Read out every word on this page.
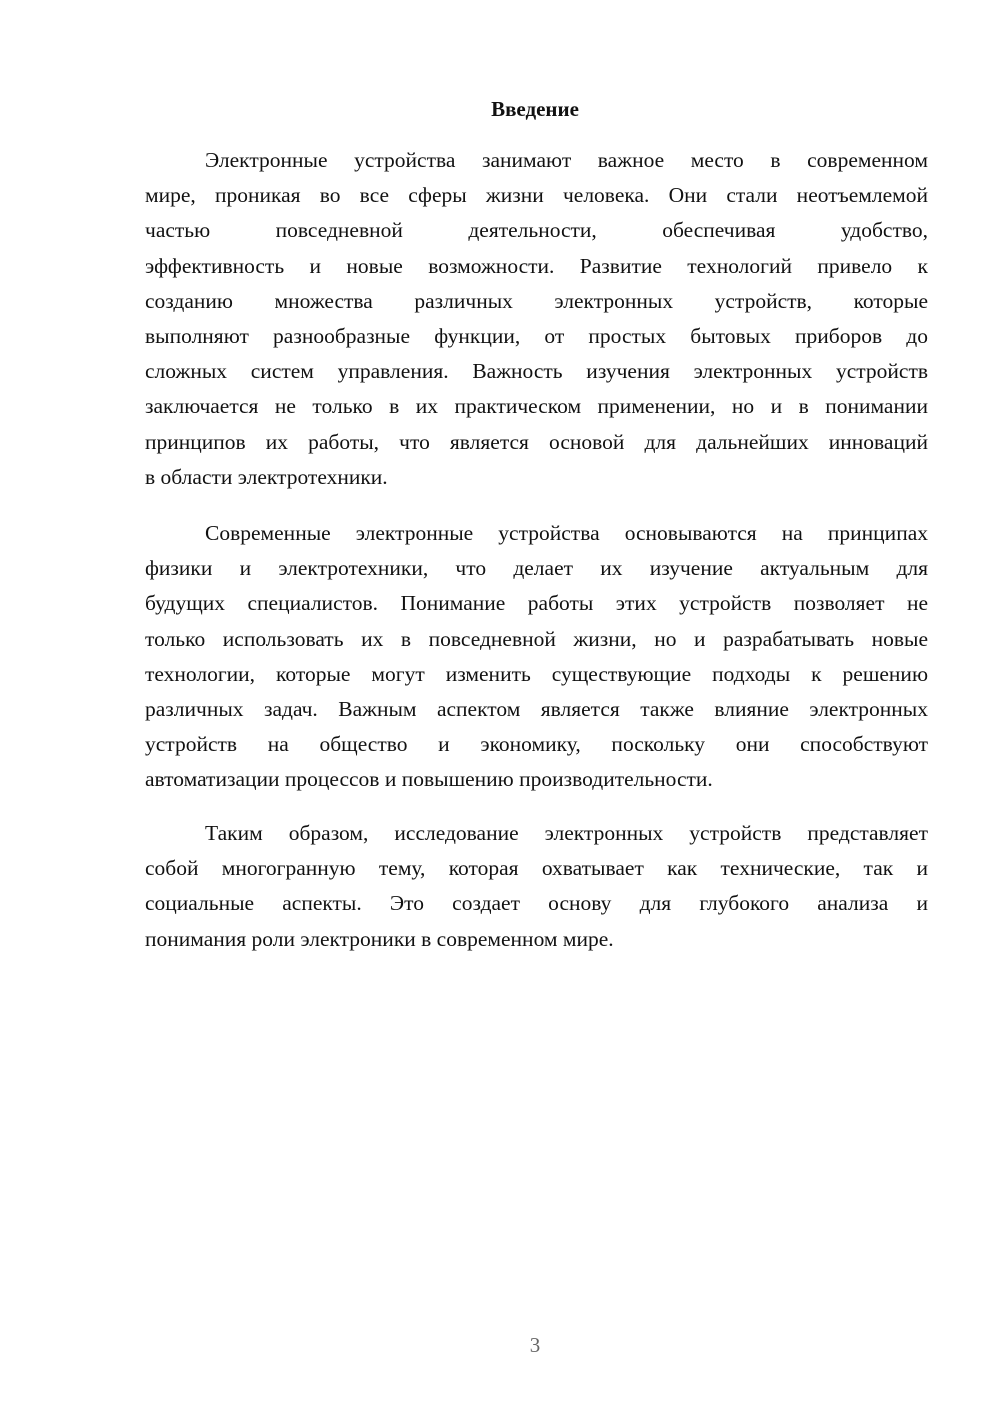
Введение
Электронные устройства занимают важное место в современном
мире, проникая во все сферы жизни человека. Они стали неотъемлемой
частью повседневной деятельности, обеспечивая удобство,
эффективность и новые возможности. Развитие технологий привело к
созданию множества различных электронных устройств, которые
выполняют разнообразные функции, от простых бытовых приборов до
сложных систем управления. Важность изучения электронных устройств
заключается не только в их практическом применении, но и в понимании
принципов их работы, что является основой для дальнейших инноваций
в области электротехники.
Современные электронные устройства основываются на принципах
физики и электротехники, что делает их изучение актуальным для
будущих специалистов. Понимание работы этих устройств позволяет не
только использовать их в повседневной жизни, но и разрабатывать новые
технологии, которые могут изменить существующие подходы к решению
различных задач. Важным аспектом является также влияние электронных
устройств на общество и экономику, поскольку они способствуют
автоматизации процессов и повышению производительности.
Таким образом, исследование электронных устройств представляет
собой многогранную тему, которая охватывает как технические, так и
социальные аспекты. Это создает основу для глубокого анализа и
понимания роли электроники в современном мире.
3
